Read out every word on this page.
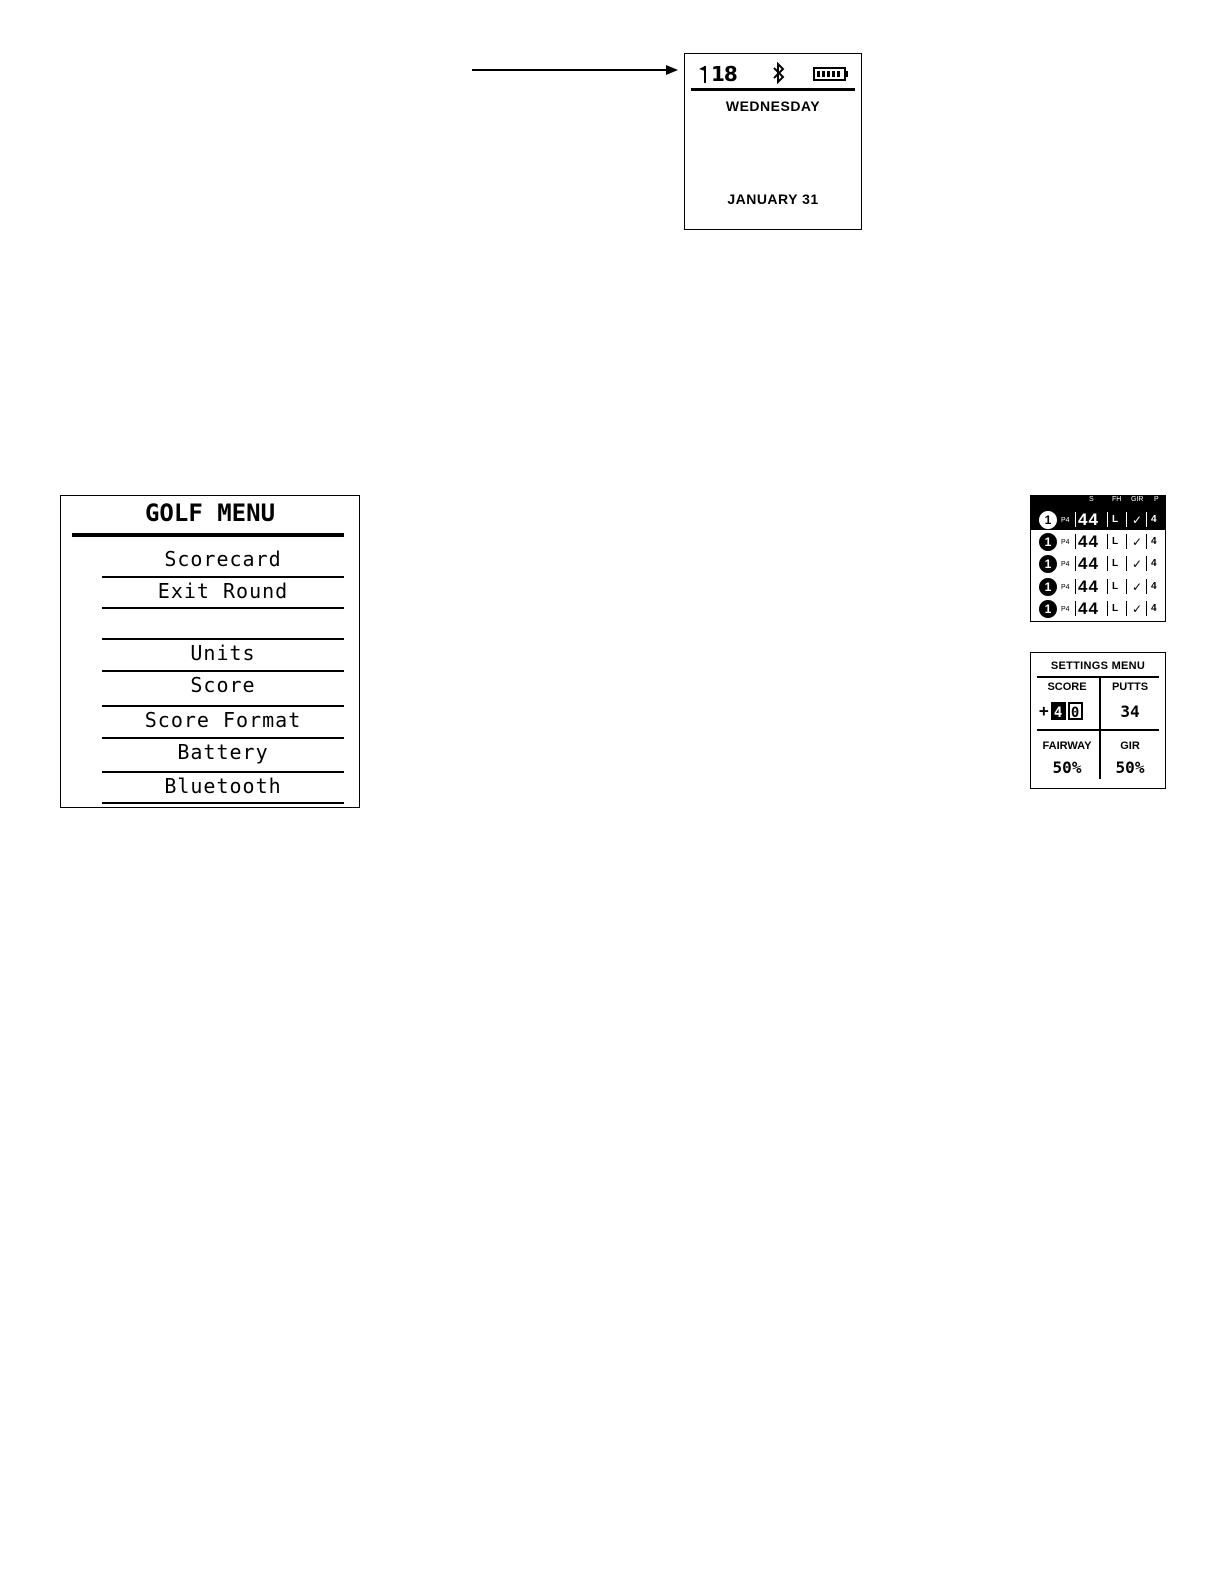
18
WEDNESDAY
JANUARY 31
GOLF MENU
Scorecard
Exit Round
Units
Score
Score Format
Battery
Bluetooth
S	FH GIR P
1	P4 44 L ✓ 4
1	P4 44 L ✓ 4
1	P4 44 L ✓ 4
1	P4 44 L ✓ 4
1	P4 44 L ✓ 4
SETTINGS MENU
SCORE
+ 4 0
PUTTS
34
FAIRWAY
50%
GIR
50%
